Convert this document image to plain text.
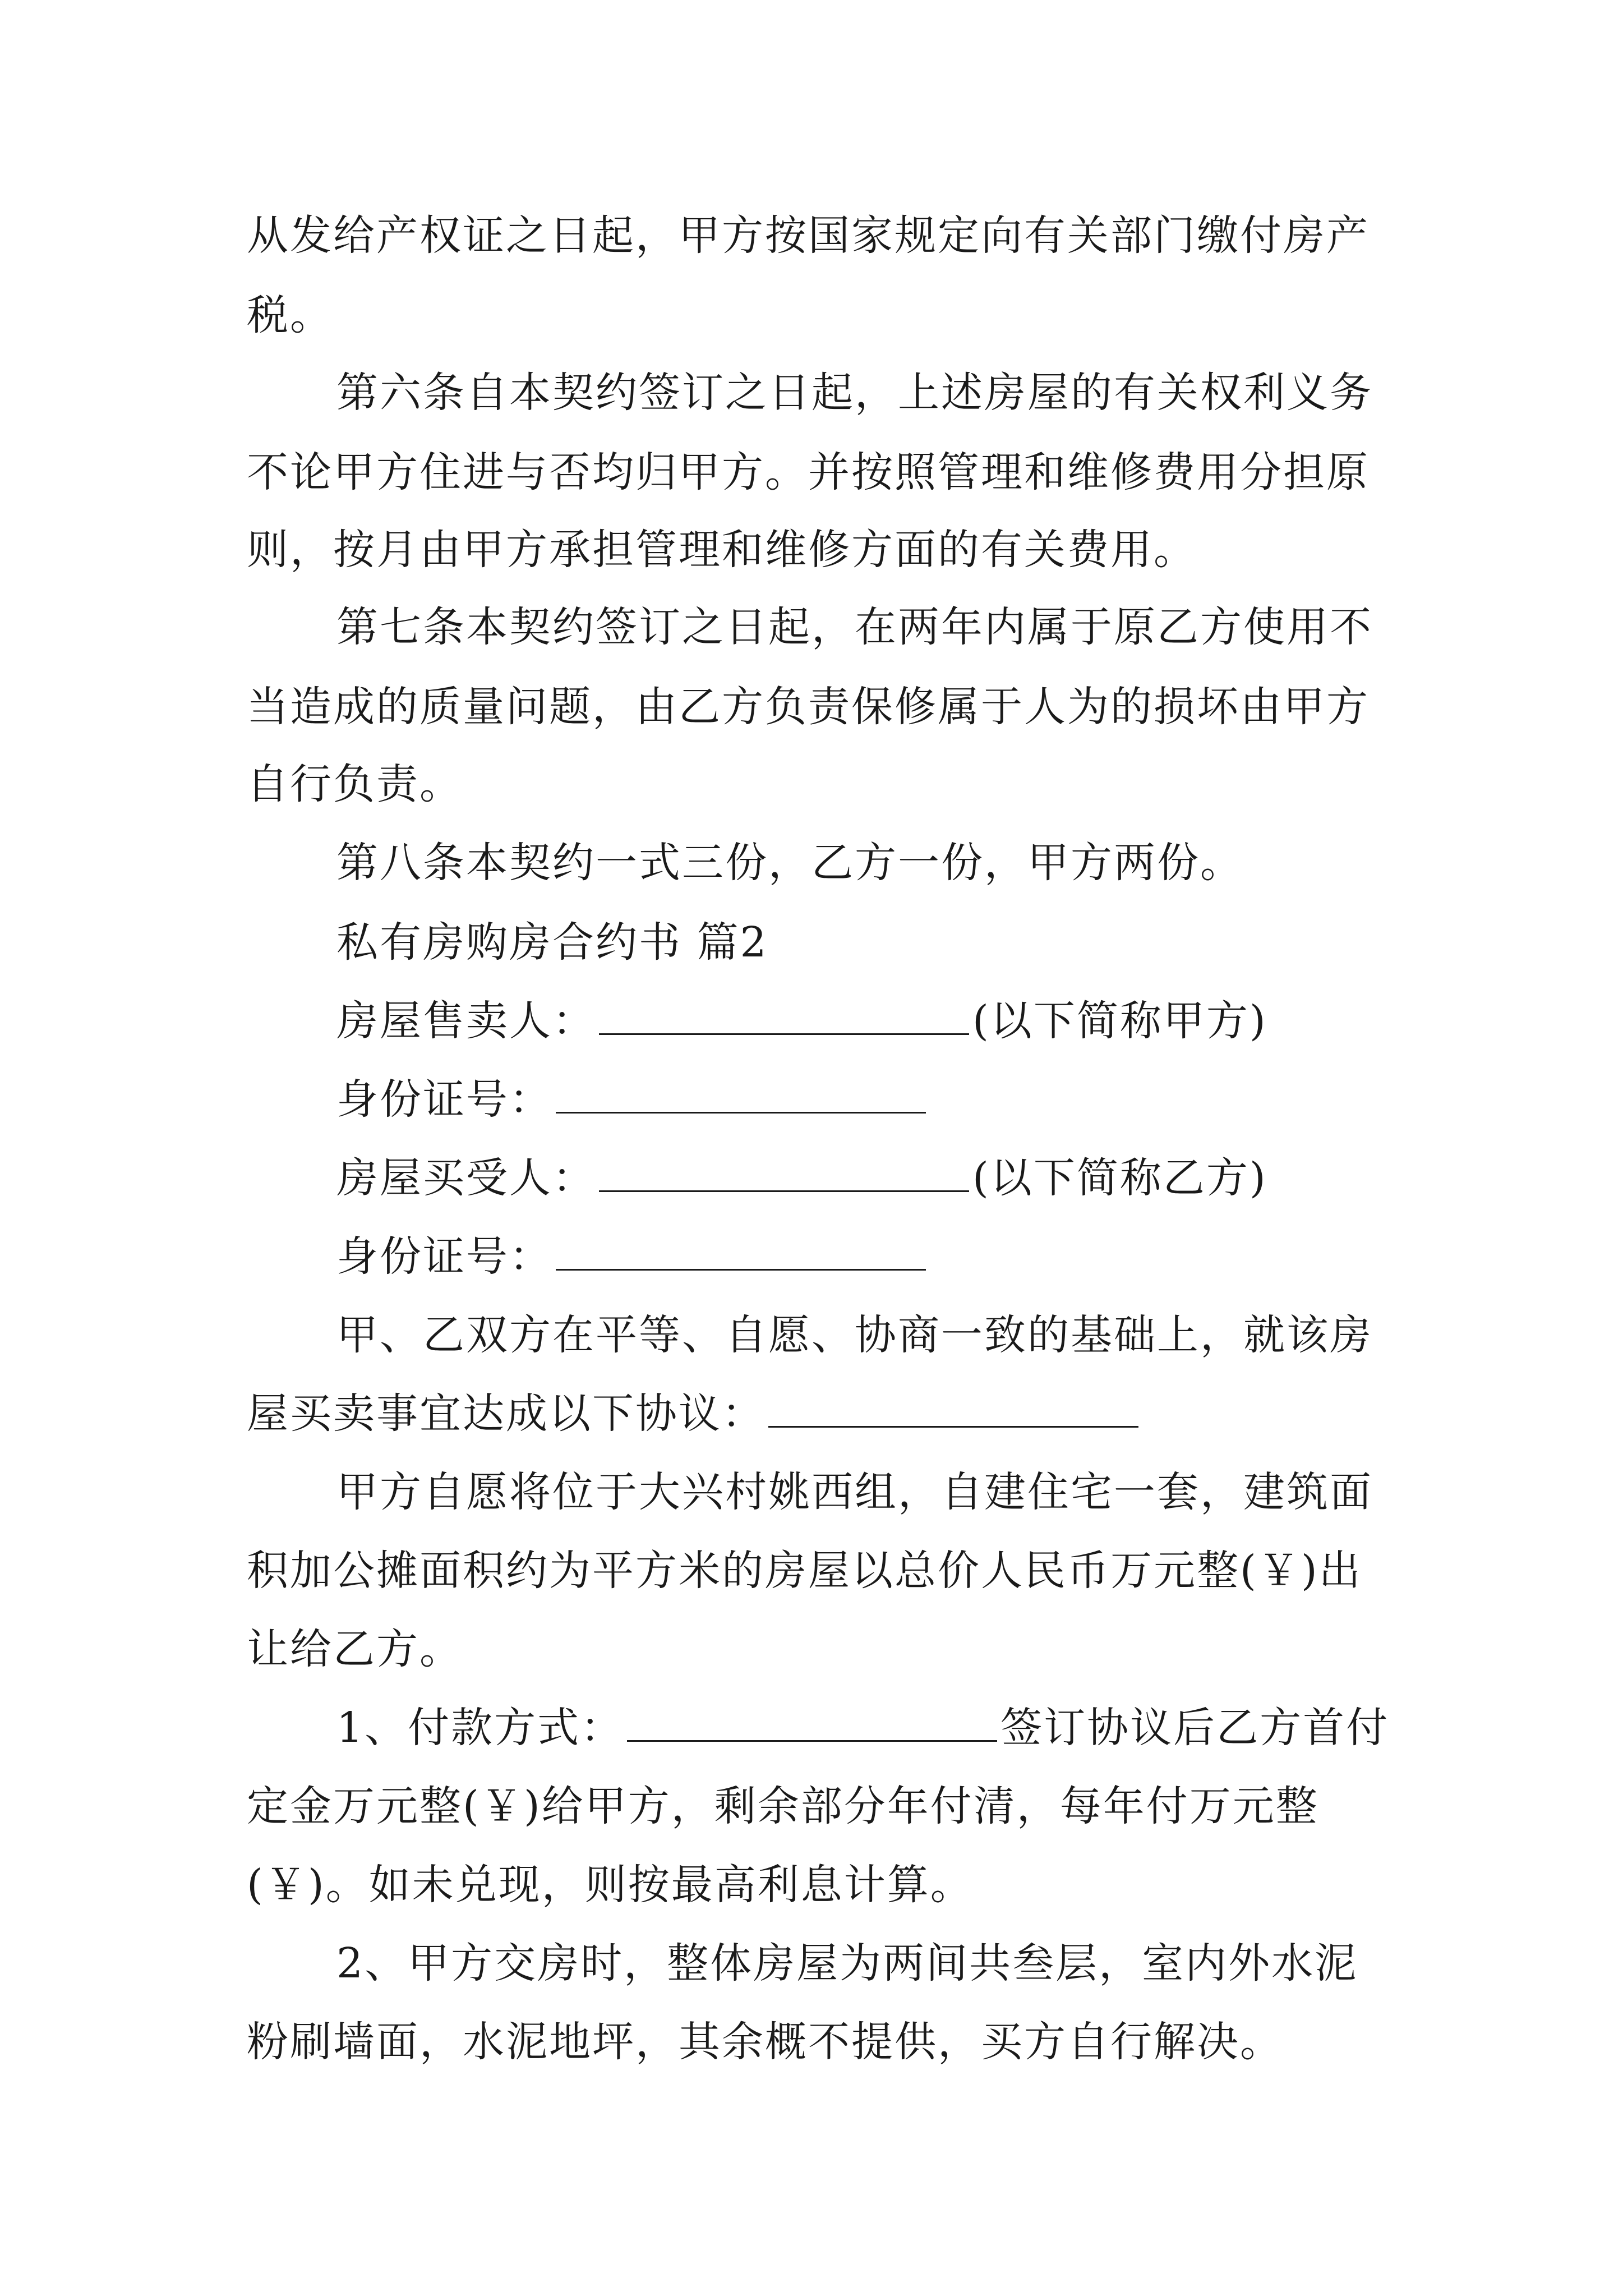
从发给产权证之日起，甲方按国家规定向有关部门缴付房产
税。
第六条自本契约签订之日起，上述房屋的有关权利义务
不论甲方住进与否均归甲方。并按照管理和维修费用分担原
则，按月由甲方承担管理和维修方面的有关费用。
第七条本契约签订之日起，在两年内属于原乙方使用不
当造成的质量问题，由乙方负责保修属于人为的损坏由甲方
自行负责。
第八条本契约一式三份，乙方一份，甲方两份。
私有房购房合约书 篇2
房屋售卖人：	(以下简称甲方)
身份证号：
房屋买受人：	(以下简称乙方)
身份证号：
甲、乙双方在平等、自愿、协商一致的基础上，就该房
屋买卖事宜达成以下协议：
甲方自愿将位于大兴村姚西组，自建住宅一套，建筑面
积加公摊面积约为平方米的房屋以总价人民币万元整(￥)出
让给乙方。
1、付款方式：	签订协议后乙方首付
定金万元整(￥)给甲方，剩余部分年付清，每年付万元整
(￥)。如未兑现，则按最高利息计算。
2、甲方交房时，整体房屋为两间共叁层，室内外水泥
粉刷墙面，水泥地坪，其余概不提供，买方自行解决。
